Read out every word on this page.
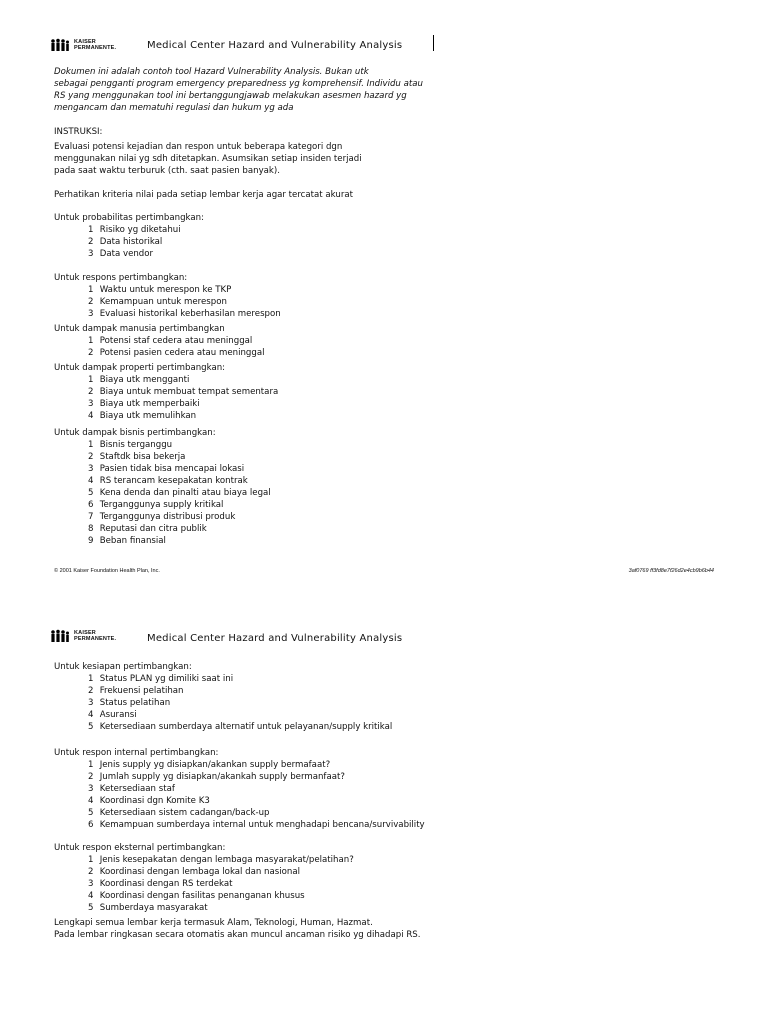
KAISER
PERMANENTE.	Medical Center Hazard and Vulnerability Analysis
Dokumen ini adalah contoh tool Hazard Vulnerability Analysis. Bukan utk
sebagai pengganti program emergency preparedness yg komprehensif. Individu atau
RS yang menggunakan tool ini bertanggungjawab melakukan asesmen hazard yg
mengancam dan mematuhi regulasi dan hukum yg ada
INSTRUKSI:
Evaluasi potensi kejadian dan respon untuk beberapa kategori dgn
menggunakan nilai yg sdh ditetapkan. Asumsikan setiap insiden terjadi
pada saat waktu terburuk (cth. saat pasien banyak).
Perhatikan kriteria nilai pada setiap lembar kerja agar tercatat akurat
Untuk probabilitas pertimbangkan:
1 Risiko yg diketahui
2 Data historikal
3 Data vendor
Untuk respons pertimbangkan:
1 Waktu untuk merespon ke TKP
2 Kemampuan untuk merespon
3 Evaluasi historikal keberhasilan merespon
Untuk dampak manusia pertimbangkan
1 Potensi staf cedera atau meninggal
2 Potensi pasien cedera atau meninggal
Untuk dampak properti pertimbangkan:
1 Biaya utk mengganti
2 Biaya untuk membuat tempat sementara
3 Biaya utk memperbaiki
4 Biaya utk memulihkan
Untuk dampak bisnis pertimbangkan:
1 Bisnis terganggu
2 Staftdk bisa bekerja
3 Pasien tidak bisa mencapai lokasi
4 RS terancam kesepakatan kontrak
5 Kena denda dan pinalti atau biaya legal
6 Terganggunya supply kritikal
7 Terganggunya distribusi produk
8 Reputasi dan citra publik
9 Beban finansial
© 2001 Kaiser Foundation Health Plan, Inc.	3af0769 ff3fd8e7f26d2e4cb9b6b44
KAISER
PERMANENTE.	Medical Center Hazard and Vulnerability Analysis
Untuk kesiapan pertimbangkan:
1 Status PLAN yg dimiliki saat ini
2 Frekuensi pelatihan
3 Status pelatihan
4 Asuransi
5 Ketersediaan sumberdaya alternatif untuk pelayanan/supply kritikal
Untuk respon internal pertimbangkan:
1 Jenis supply yg disiapkan/akankan supply bermafaat?
2 Jumlah supply yg disiapkan/akankah supply bermanfaat?
3 Ketersediaan staf
4 Koordinasi dgn Komite K3
5 Ketersediaan sistem cadangan/back-up
6 Kemampuan sumberdaya internal untuk menghadapi bencana/survivability
Untuk respon eksternal pertimbangkan:
1 Jenis kesepakatan dengan lembaga masyarakat/pelatihan?
2 Koordinasi dengan lembaga lokal dan nasional
3 Koordinasi dengan RS terdekat
4 Koordinasi dengan fasilitas penanganan khusus
5 Sumberdaya masyarakat
Lengkapi semua lembar kerja termasuk Alam, Teknologi, Human, Hazmat.
Pada lembar ringkasan secara otomatis akan muncul ancaman risiko yg dihadapi RS.
